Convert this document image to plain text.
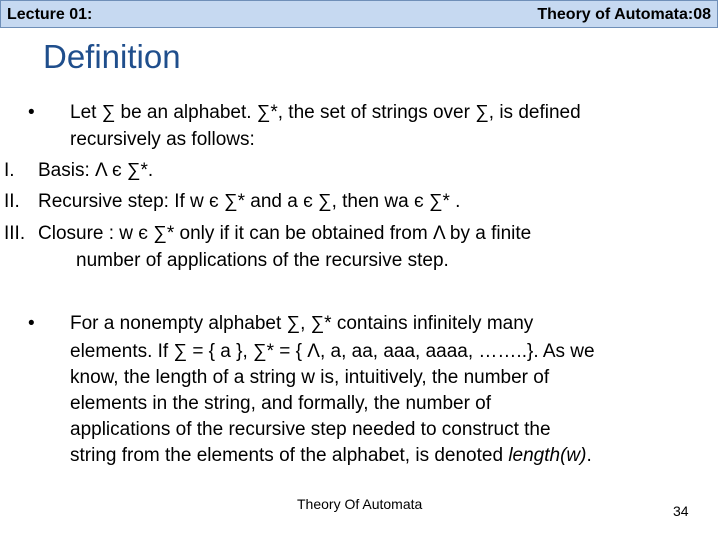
Lecture 01:	Theory of Automata:08
Definition
• Let ∑ be an alphabet. ∑*, the set of strings over ∑, is defined
recursively as follows:
I. Basis: Λ є ∑*.
II. Recursive step: If w є ∑* and a є ∑, then wa є ∑* .
III. Closure : w є ∑* only if it can be obtained from Λ by a finite
number of applications of the recursive step.
• For a nonempty alphabet ∑, ∑* contains infinitely many
elements. If ∑ = { a }, ∑* = { Λ, a, aa, aaa, aaaa, ……..}. As we
know, the length of a string w is, intuitively, the number of
elements in the string, and formally, the number of
applications of the recursive step needed to construct the
string from the elements of the alphabet, is denoted length(w).
Theory Of Automata	34
